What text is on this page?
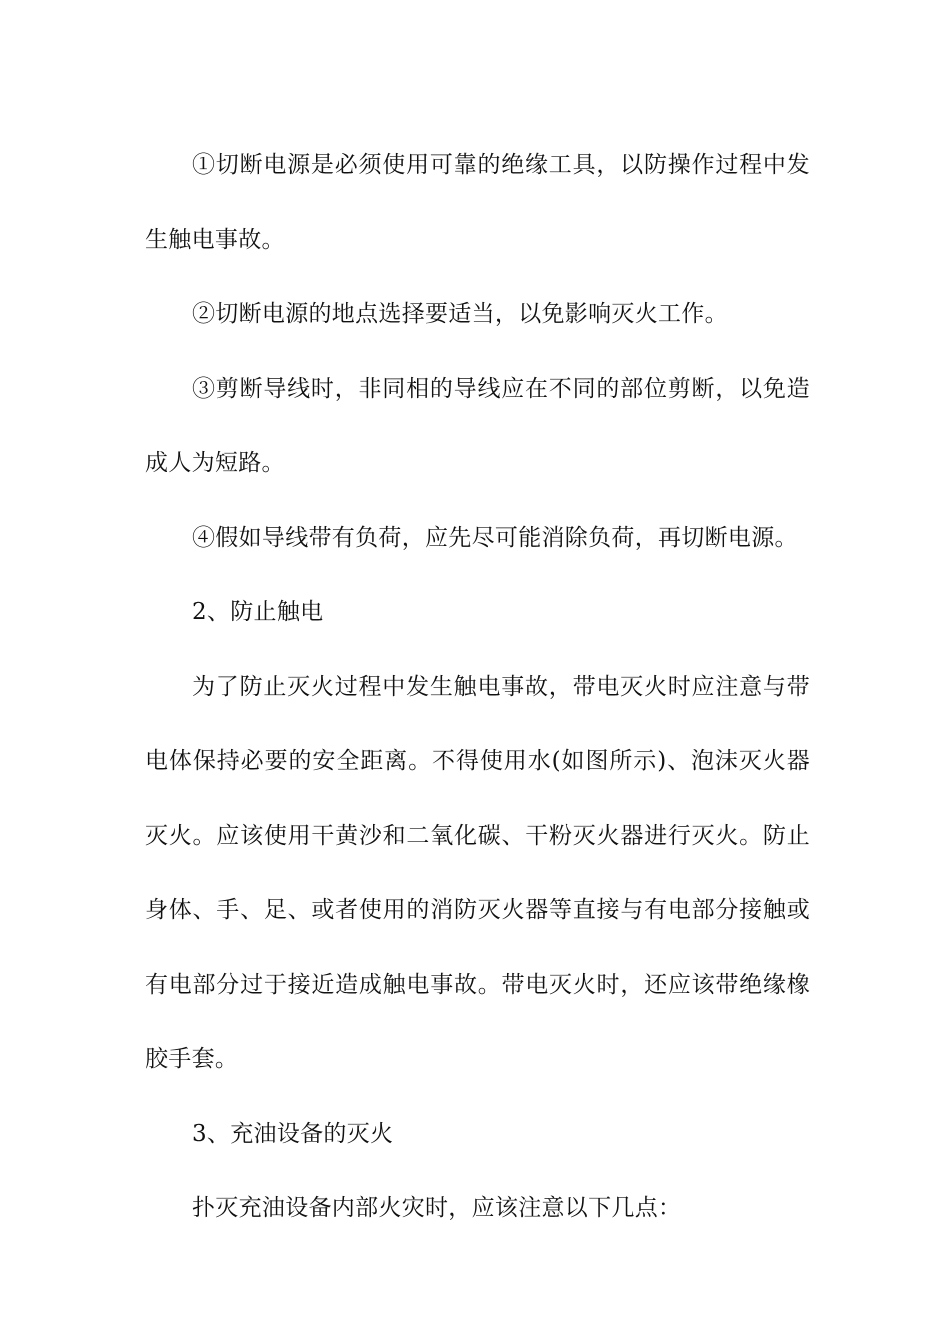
①切断电源是必须使用可靠的绝缘工具，以防操作过程中发生触电事故。

②切断电源的地点选择要适当，以免影响灭火工作。

③剪断导线时，非同相的导线应在不同的部位剪断，以免造成人为短路。

④假如导线带有负荷，应先尽可能消除负荷，再切断电源。

2、防止触电

为了防止灭火过程中发生触电事故，带电灭火时应注意与带电体保持必要的安全距离。不得使用水(如图所示)、泡沫灭火器灭火。应该使用干黄沙和二氧化碳、干粉灭火器进行灭火。防止身体、手、足、或者使用的消防灭火器等直接与有电部分接触或有电部分过于接近造成触电事故。带电灭火时，还应该带绝缘橡胶手套。

3、充油设备的灭火

扑灭充油设备内部火灾时，应该注意以下几点：
